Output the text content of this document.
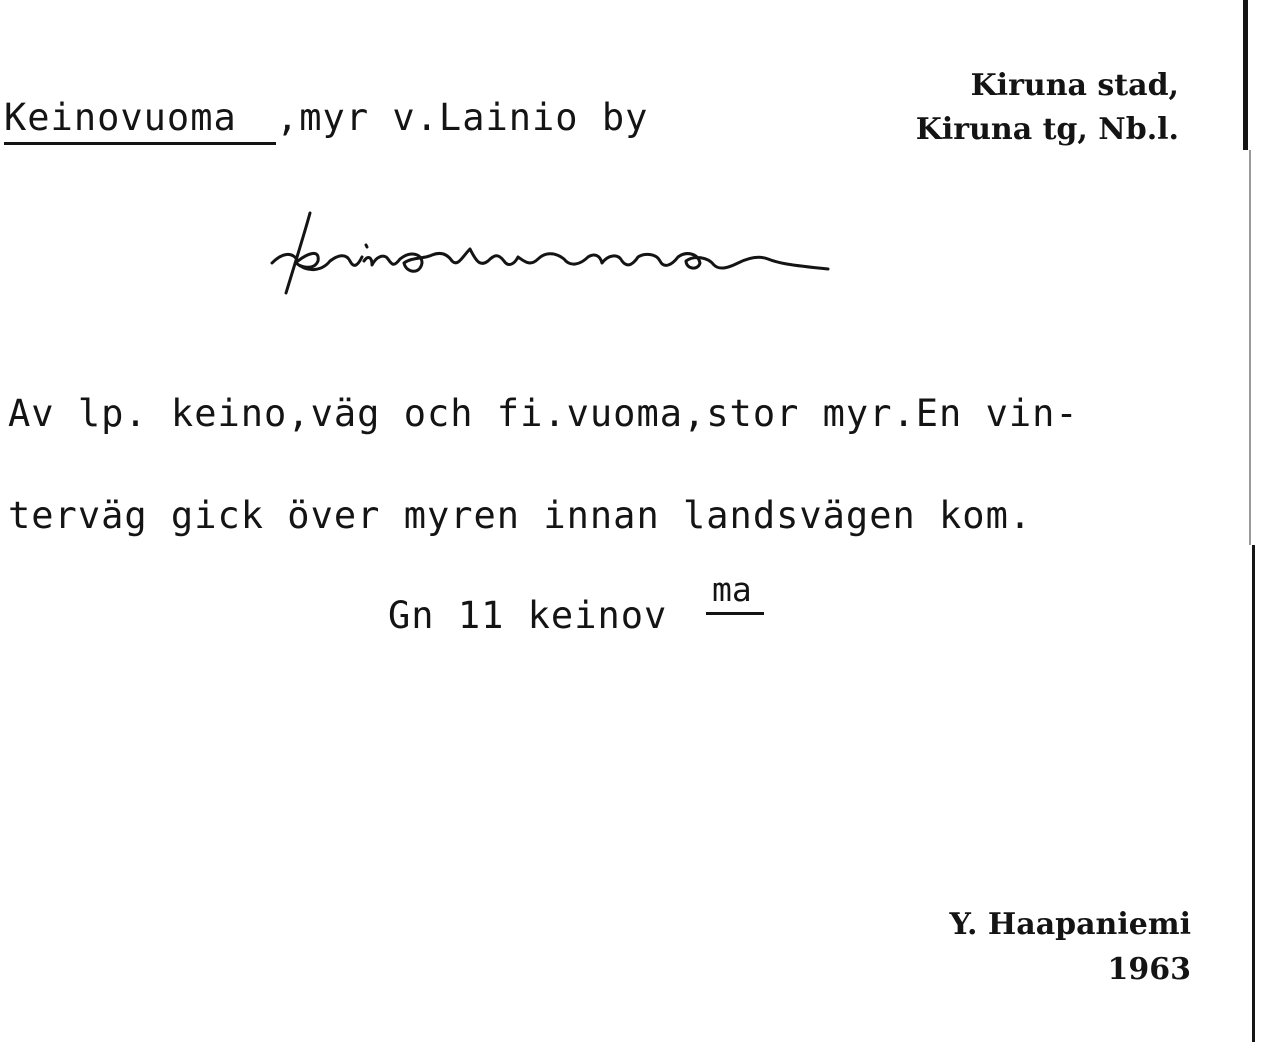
Keinovuoma ,myr v.Lainio by
Kiruna stad,
Kiruna tg, Nb.l.
Av lp. keino,väg och fi.vuoma,stor myr.En vin-
terväg gick över myren innan landsvägen kom.
Gn 11 keinov
ma
Y. Haapaniemi
1963
